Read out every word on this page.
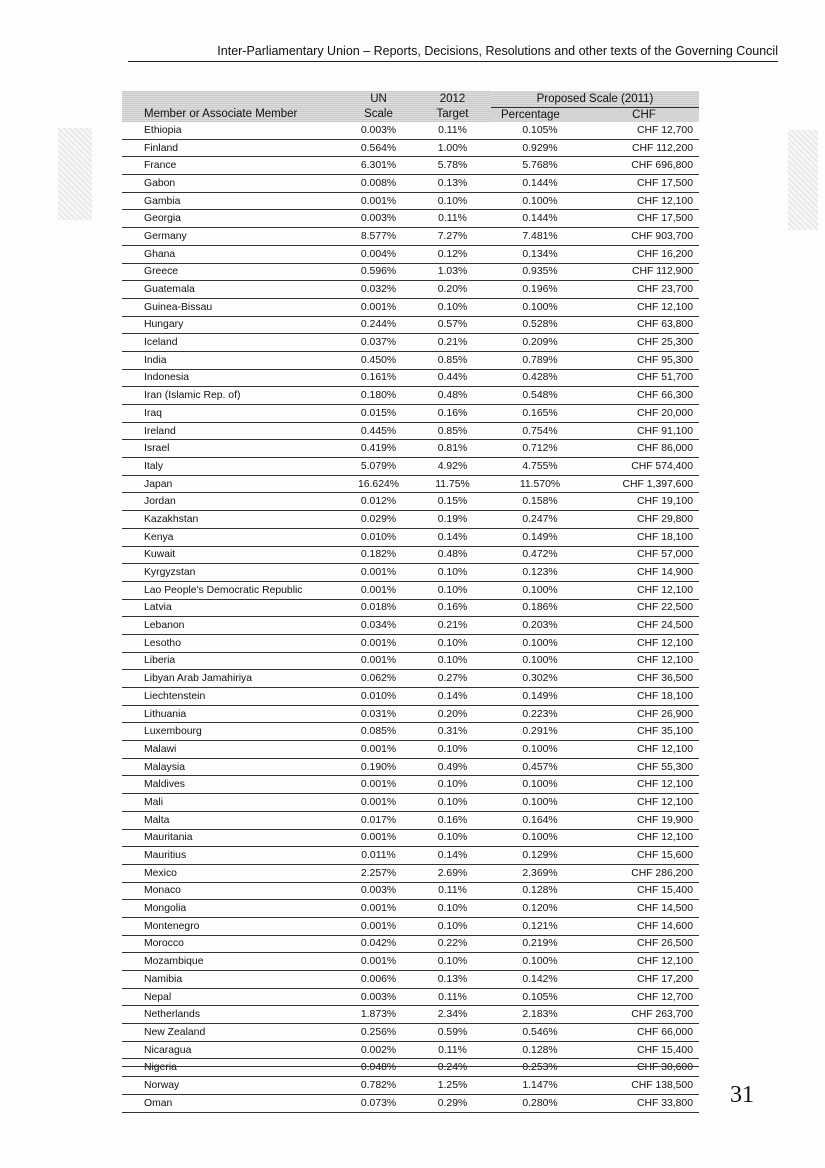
Inter-Parliamentary Union – Reports, Decisions, Resolutions and other texts of the Governing Council
Member or Associate Member	UN	2012	Proposed Scale (2011)	
	Scale	Target	Percentage	CHF
Ethiopia	0.003%	0.11%	0.105%	CHF 12,700
Finland	0.564%	1.00%	0.929%	CHF 112,200
France	6.301%	5.78%	5.768%	CHF 696,800
Gabon	0.008%	0.13%	0.144%	CHF 17,500
Gambia	0.001%	0.10%	0.100%	CHF 12,100
Georgia	0.003%	0.11%	0.144%	CHF 17,500
Germany	8.577%	7.27%	7.481%	CHF 903,700
Ghana	0.004%	0.12%	0.134%	CHF 16,200
Greece	0.596%	1.03%	0.935%	CHF 112,900
Guatemala	0.032%	0.20%	0.196%	CHF 23,700
Guinea-Bissau	0.001%	0.10%	0.100%	CHF 12,100
Hungary	0.244%	0.57%	0.528%	CHF 63,800
Iceland	0.037%	0.21%	0.209%	CHF 25,300
India	0.450%	0.85%	0.789%	CHF 95,300
Indonesia	0.161%	0.44%	0.428%	CHF 51,700
Iran (Islamic Rep. of)	0.180%	0.48%	0.548%	CHF 66,300
Iraq	0.015%	0.16%	0.165%	CHF 20,000
Ireland	0.445%	0.85%	0.754%	CHF 91,100
Israel	0.419%	0.81%	0.712%	CHF 86,000
Italy	5.079%	4.92%	4.755%	CHF 574,400
Japan	16.624%	11.75%	11.570%	CHF 1,397,600
Jordan	0.012%	0.15%	0.158%	CHF 19,100
Kazakhstan	0.029%	0.19%	0.247%	CHF 29,800
Kenya	0.010%	0.14%	0.149%	CHF 18,100
Kuwait	0.182%	0.48%	0.472%	CHF 57,000
Kyrgyzstan	0.001%	0.10%	0.123%	CHF 14,900
Lao People's Democratic Republic	0.001%	0.10%	0.100%	CHF 12,100
Latvia	0.018%	0.16%	0.186%	CHF 22,500
Lebanon	0.034%	0.21%	0.203%	CHF 24,500
Lesotho	0.001%	0.10%	0.100%	CHF 12,100
Liberia	0.001%	0.10%	0.100%	CHF 12,100
Libyan Arab Jamahiriya	0.062%	0.27%	0.302%	CHF 36,500
Liechtenstein	0.010%	0.14%	0.149%	CHF 18,100
Lithuania	0.031%	0.20%	0.223%	CHF 26,900
Luxembourg	0.085%	0.31%	0.291%	CHF 35,100
Malawi	0.001%	0.10%	0.100%	CHF 12,100
Malaysia	0.190%	0.49%	0.457%	CHF 55,300
Maldives	0.001%	0.10%	0.100%	CHF 12,100
Mali	0.001%	0.10%	0.100%	CHF 12,100
Malta	0.017%	0.16%	0.164%	CHF 19,900
Mauritania	0.001%	0.10%	0.100%	CHF 12,100
Mauritius	0.011%	0.14%	0.129%	CHF 15,600
Mexico	2.257%	2.69%	2.369%	CHF 286,200
Monaco	0.003%	0.11%	0.128%	CHF 15,400
Mongolia	0.001%	0.10%	0.120%	CHF 14,500
Montenegro	0.001%	0.10%	0.121%	CHF 14,600
Morocco	0.042%	0.22%	0.219%	CHF 26,500
Mozambique	0.001%	0.10%	0.100%	CHF 12,100
Namibia	0.006%	0.13%	0.142%	CHF 17,200
Nepal	0.003%	0.11%	0.105%	CHF 12,700
Netherlands	1.873%	2.34%	2.183%	CHF 263,700
New Zealand	0.256%	0.59%	0.546%	CHF 66,000
Nicaragua	0.002%	0.11%	0.128%	CHF 15,400
Nigeria	0.048%	0.24%	0.253%	CHF 30,600
Norway	0.782%	1.25%	1.147%	CHF 138,500
Oman	0.073%	0.29%	0.280%	CHF 33,800 31
